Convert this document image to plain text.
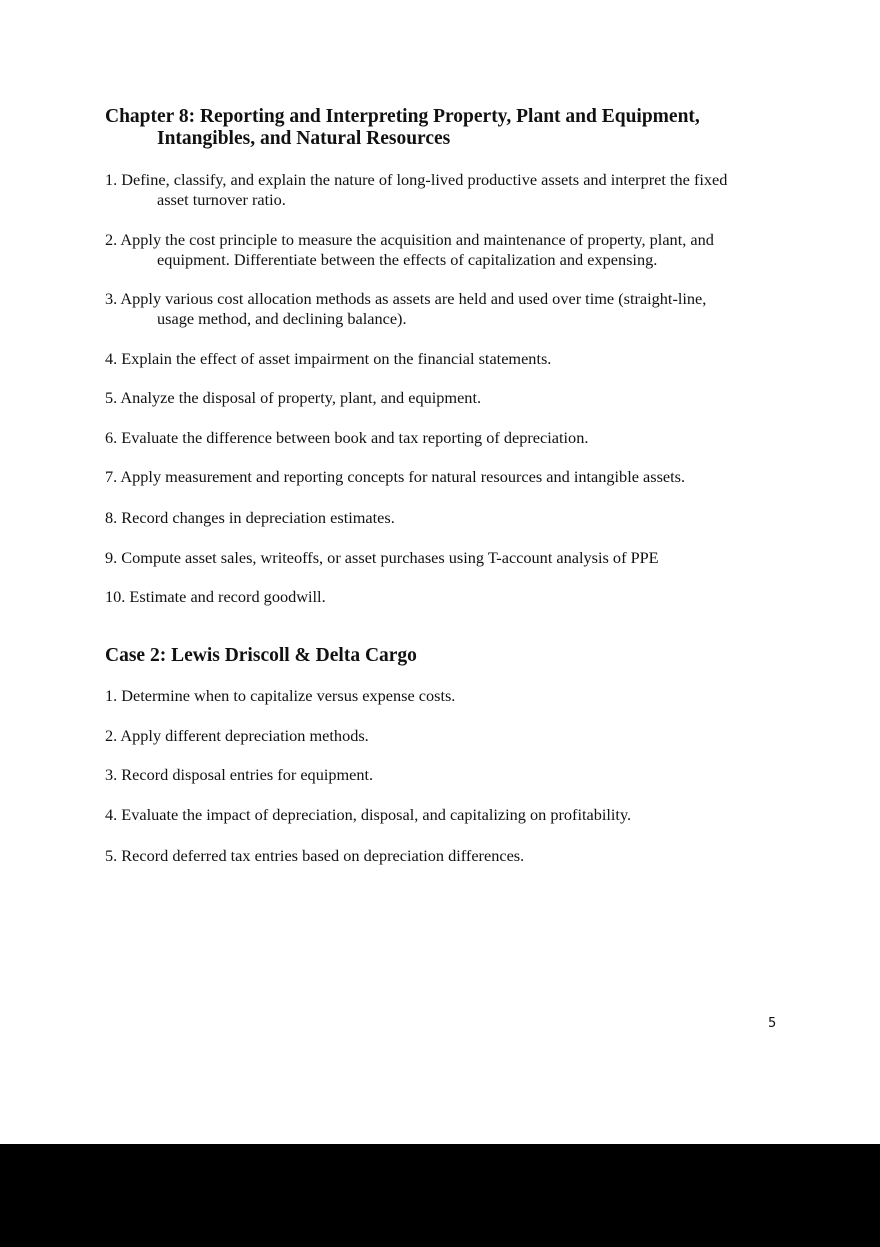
Chapter 8: Reporting and Interpreting Property, Plant and Equipment,
Intangibles, and Natural Resources

1. Define, classify, and explain the nature of long-lived productive assets and interpret the fixed
asset turnover ratio.

2. Apply the cost principle to measure the acquisition and maintenance of property, plant, and
equipment. Differentiate between the effects of capitalization and expensing.

3. Apply various cost allocation methods as assets are held and used over time (straight-line,
usage method, and declining balance).

4. Explain the effect of asset impairment on the financial statements.

5. Analyze the disposal of property, plant, and equipment.

6. Evaluate the difference between book and tax reporting of depreciation.

7. Apply measurement and reporting concepts for natural resources and intangible assets.

8. Record changes in depreciation estimates.

9. Compute asset sales, writeoffs, or asset purchases using T-account analysis of PPE

10. Estimate and record goodwill.

Case 2: Lewis Driscoll & Delta Cargo

1. Determine when to capitalize versus expense costs.

2. Apply different depreciation methods.

3. Record disposal entries for equipment.

4. Evaluate the impact of depreciation, disposal, and capitalizing on profitability.

5. Record deferred tax entries based on depreciation differences.

5
